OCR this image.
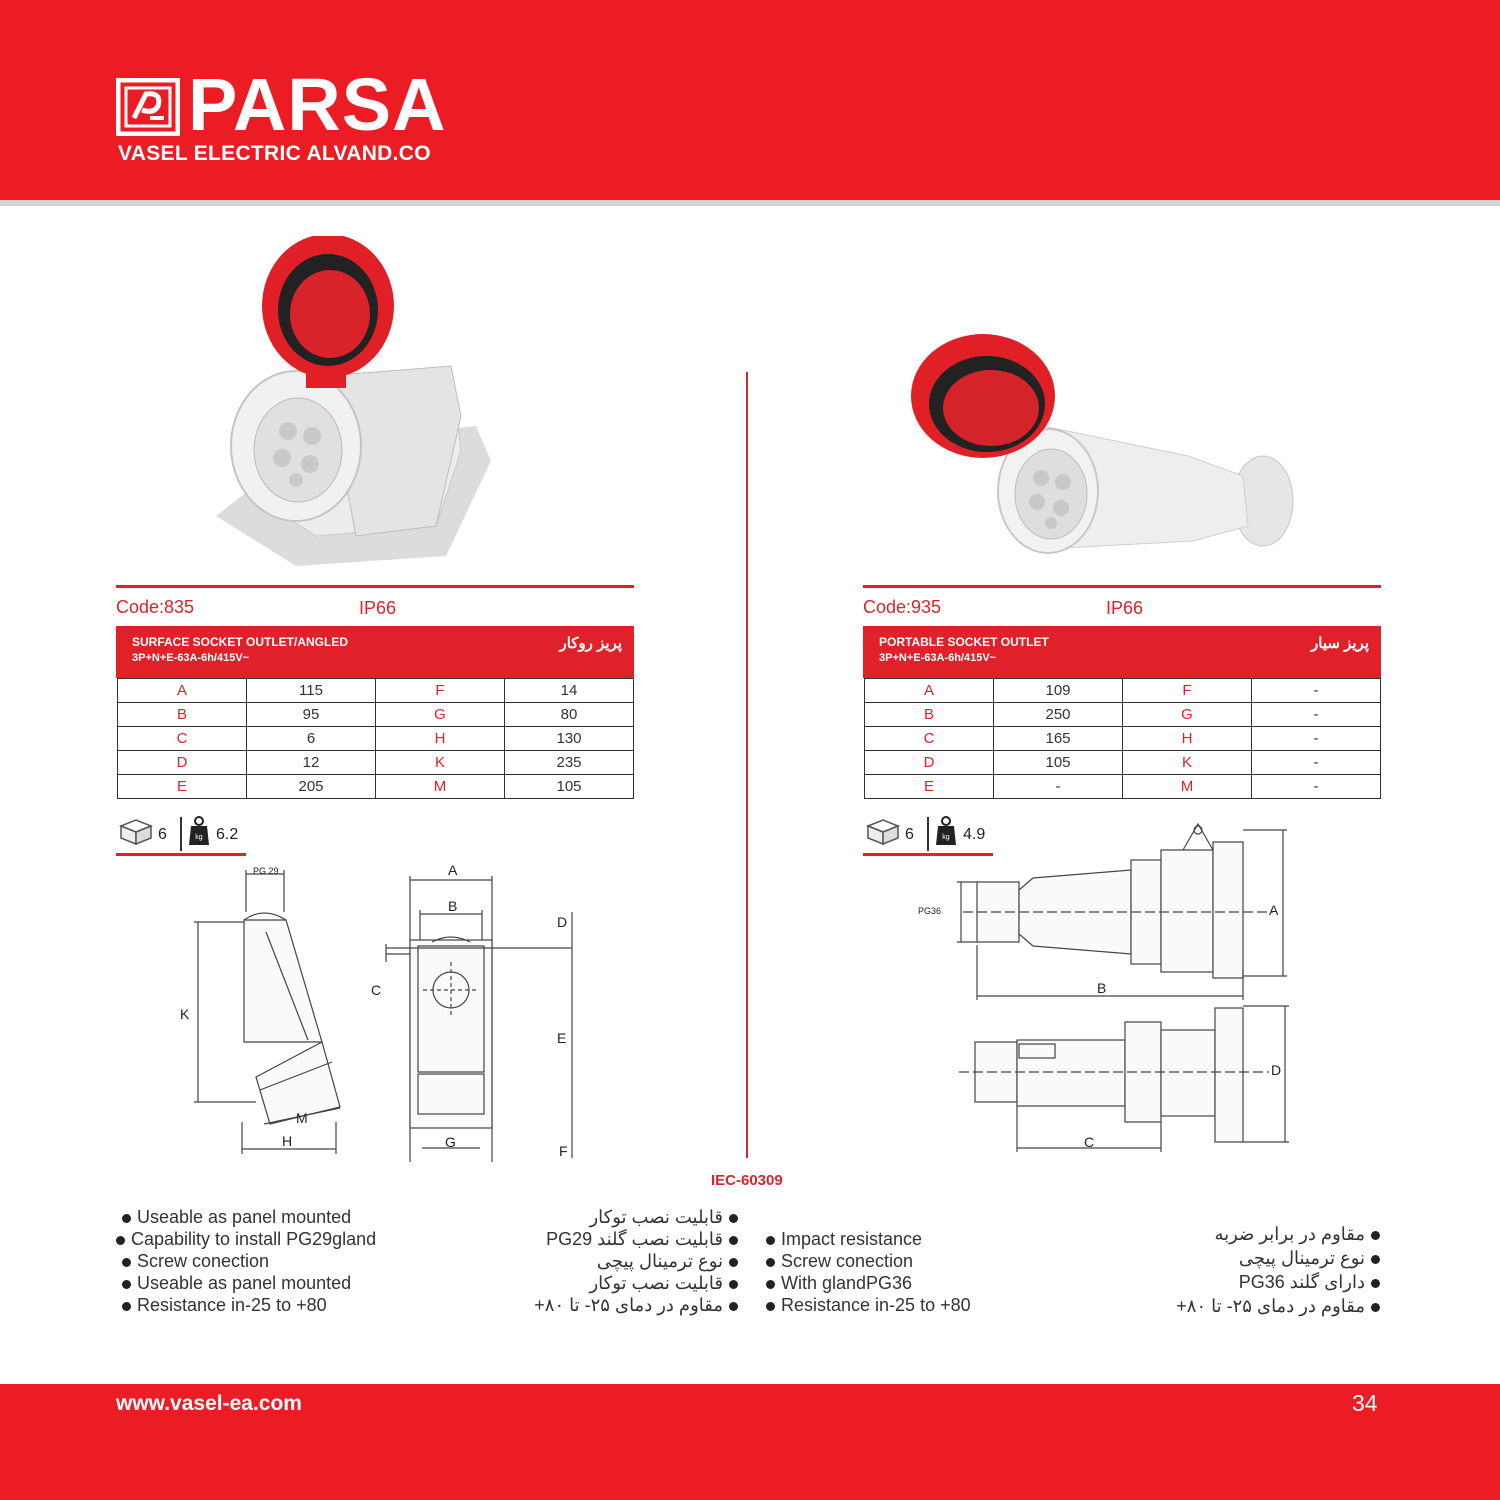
PARSA
VASEL ELECTRIC ALVAND.CO
Code:835	IP66
SURFACE SOCKET OUTLET/ANGLED
3P+N+E-63A-6h/415V~
پریز روکار
A	115	F	14
B	95	G	80
C	6	H	130
D	12	K	235
E	205	M	105
6	kg 6.2
PG 29
K
M
H
A
B
D
C
E
G
F
Useable as panel mounted
Capability to install PG29gland
Screw conection
Useable as panel mounted
Resistance in-25 to +80
قابلیت نصب توکار
قابلیت نصب گلند PG29
نوع ترمینال پیچی
قابلیت نصب توکار
مقاوم در دمای ۲۵- تا ۸۰+
IEC-60309
Code:935	IP66
PORTABLE SOCKET OUTLET
3P+N+E-63A-6h/415V~
پریز سیار
A	109	F	-
B	250	G	-
C	165	H	-
D	105	K	-
E	-	M	-
6	kg 4.9
PG36	A
B
D
C
Impact resistance
Screw conection
With glandPG36
Resistance in-25 to +80
مقاوم در برابر ضربه
نوع ترمینال پیچی
دارای گلند PG36
مقاوم در دمای ۲۵- تا ۸۰+
www.vasel-ea.com	34
